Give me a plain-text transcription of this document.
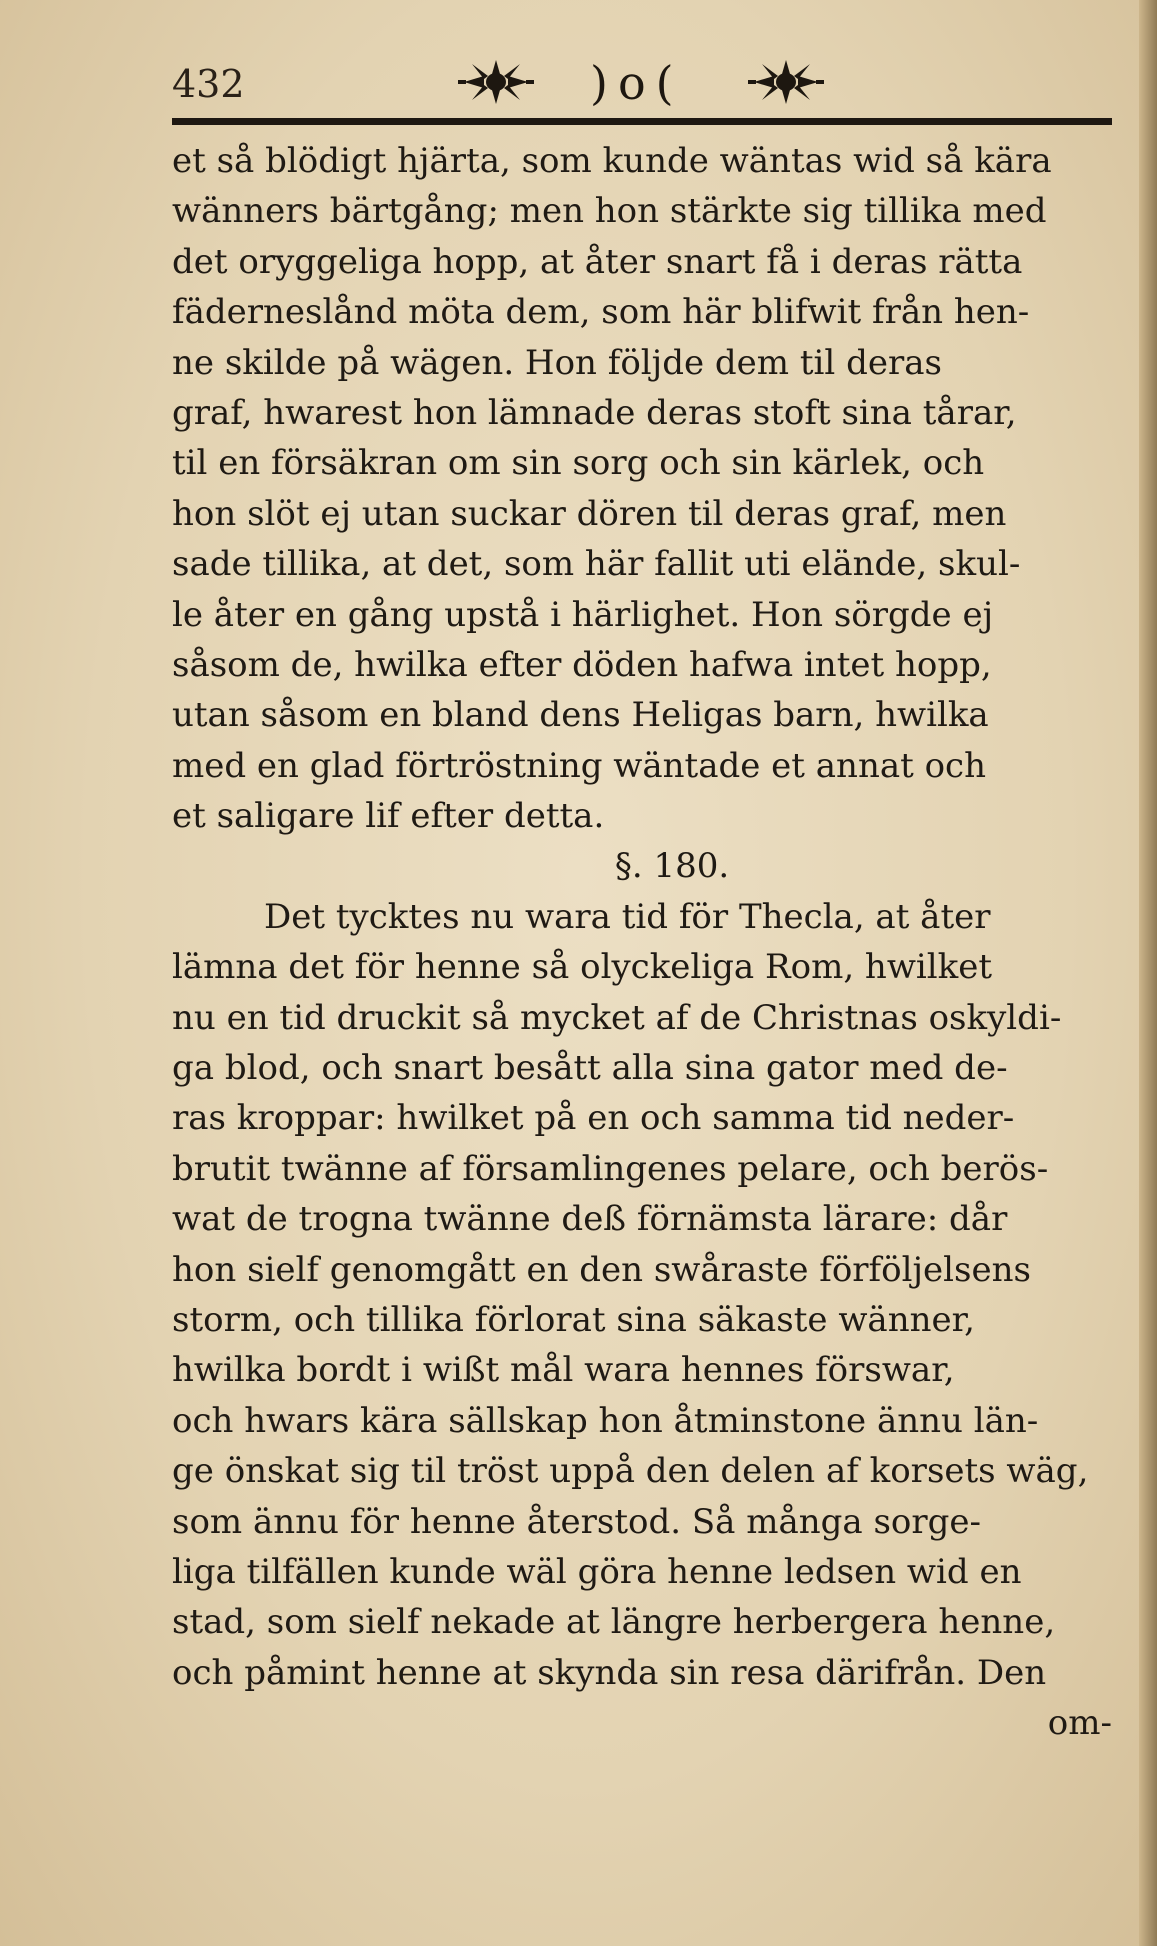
432	)o(
et så blödigt hjärta, som kunde wäntas wid så kära
wänners bärtgång; men hon stärkte sig tillika med
det oryggeliga hopp, at åter snart få i deras rätta
fäderneslånd möta dem, som här blifwit från hen-
ne skilde på wägen. Hon följde dem til deras
graf, hwarest hon lämnade deras stoft sina tårar,
til en försäkran om sin sorg och sin kärlek, och
hon slöt ej utan suckar dören til deras graf, men
sade tillika, at det, som här fallit uti elände, skul-
le åter en gång upstå i härlighet. Hon sörgde ej
såsom de, hwilka efter döden hafwa intet hopp,
utan såsom en bland dens Heligas barn, hwilka
med en glad förtröstning wäntade et annat och
et saligare lif efter detta.
§. 180.
Det tycktes nu wara tid för Thecla, at åter
lämna det för henne så olyckeliga Rom, hwilket
nu en tid druckit så mycket af de Christnas oskyldi-
ga blod, och snart besått alla sina gator med de-
ras kroppar: hwilket på en och samma tid neder-
brutit twänne af församlingenes pelare, och berös-
wat de trogna twänne deß förnämsta lärare: dår
hon sielf genomgått en den swåraste förföljelsens
storm, och tillika förlorat sina säkaste wänner,
hwilka bordt i wißt mål wara hennes förswar,
och hwars kära sällskap hon åtminstone ännu län-
ge önskat sig til tröst uppå den delen af korsets wäg,
som ännu för henne återstod. Så många sorge-
liga tilfällen kunde wäl göra henne ledsen wid en
stad, som sielf nekade at längre herbergera henne,
och påmint henne at skynda sin resa därifrån. Den
om-
